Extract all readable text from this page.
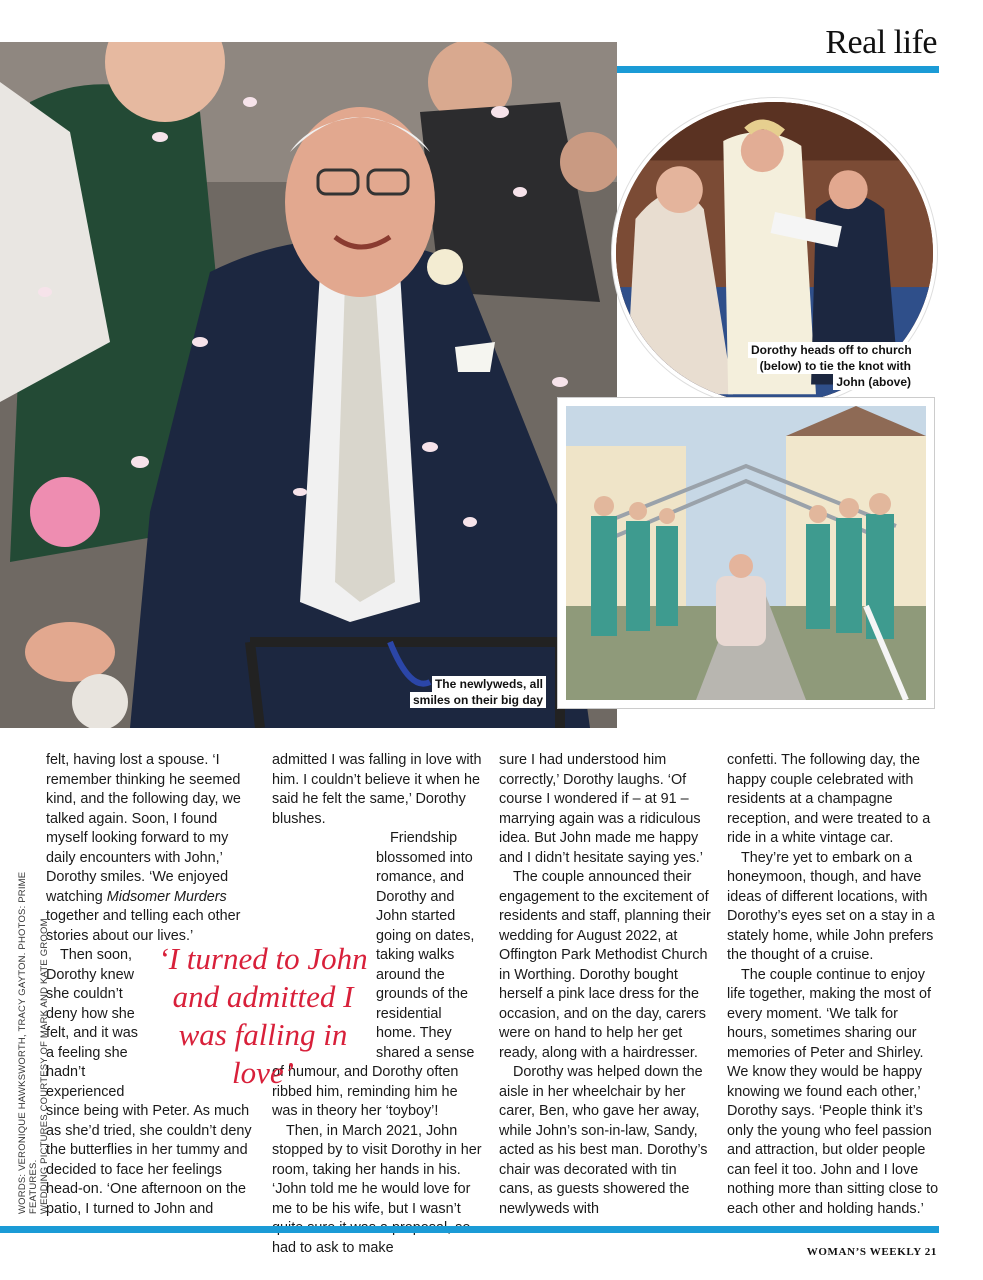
Real life
The newlyweds, all smiles on their big day
Dorothy heads off to church (below) to tie the knot with John (above)

felt, having lost a spouse. ‘I remember thinking he seemed kind, and the following day, we talked again. Soon, I found myself looking forward to my daily encounters with John,’ Dorothy smiles. ‘We enjoyed watching Midsomer Murders together and telling each other stories about our lives.’

Then soon, Dorothy knew she couldn’t deny how she felt, and it was a feeling she hadn’t experienced since being with Peter. As much as she’d tried, she couldn’t deny the butterflies in her tummy and decided to face her feelings head-on. ‘One afternoon on the patio, I turned to John and

admitted I was falling in love with him. I couldn’t believe it when he said he felt the same,’ Dorothy blushes.

Friendship blossomed into romance, and Dorothy and John started going on dates, taking walks around the grounds of the residential home. They shared a sense of humour, and Dorothy often ribbed him, reminding him he was in theory her ‘toyboy’!

Then, in March 2021, John stopped by to visit Dorothy in her room, taking her hands in his. ‘John told me he would love for me to be his wife, but I wasn’t had to ask to make

sure I had understood him correctly,’ Dorothy laughs. ‘Of course I wondered if – at 91 – marrying again was a ridiculous idea. But John made me happy and I didn’t hesitate saying yes.’

The couple announced their engagement to the excitement of residents and staff, planning their wedding for August 2022, at Offington Park Methodist Church in Worthing. Dorothy bought herself a pink lace dress for the occasion, and on the day, carers were on hand to help her get ready, along with a hairdresser.

Dorothy was helped down the aisle in her wheelchair by her carer, Ben, who gave her away, while John’s son-in-law, Sandy, acted as his best man. Dorothy’s chair was decorated with tin cans, as guests showered the newlyweds with

confetti. The following day, the happy couple celebrated with residents at a champagne reception, and were treated to a ride in a white vintage car.

They’re yet to embark on a honeymoon, though, and have ideas of different locations, with Dorothy’s eyes set on a stay in a stately home, while John prefers the thought of a cruise.

The couple continue to enjoy life together, making the most of every moment. ‘We talk for hours, sometimes sharing our memories of Peter and Shirley. We know they would be happy knowing we found each other,’ Dorothy says. ‘People think it’s only the young who feel passion and attraction, but older people can feel it too. John and I love nothing more than sitting close to each other and holding hands.’

‘I turned to John and admitted I was falling in love’
WORDS: VERONIQUE HAWKSWORTH, TRACY GAYTON. PHOTOS: PRIME FEATURES. WEDDING PICTURES COURTESY OF MARK AND KATE GROOM
WOMAN’S WEEKLY 21
